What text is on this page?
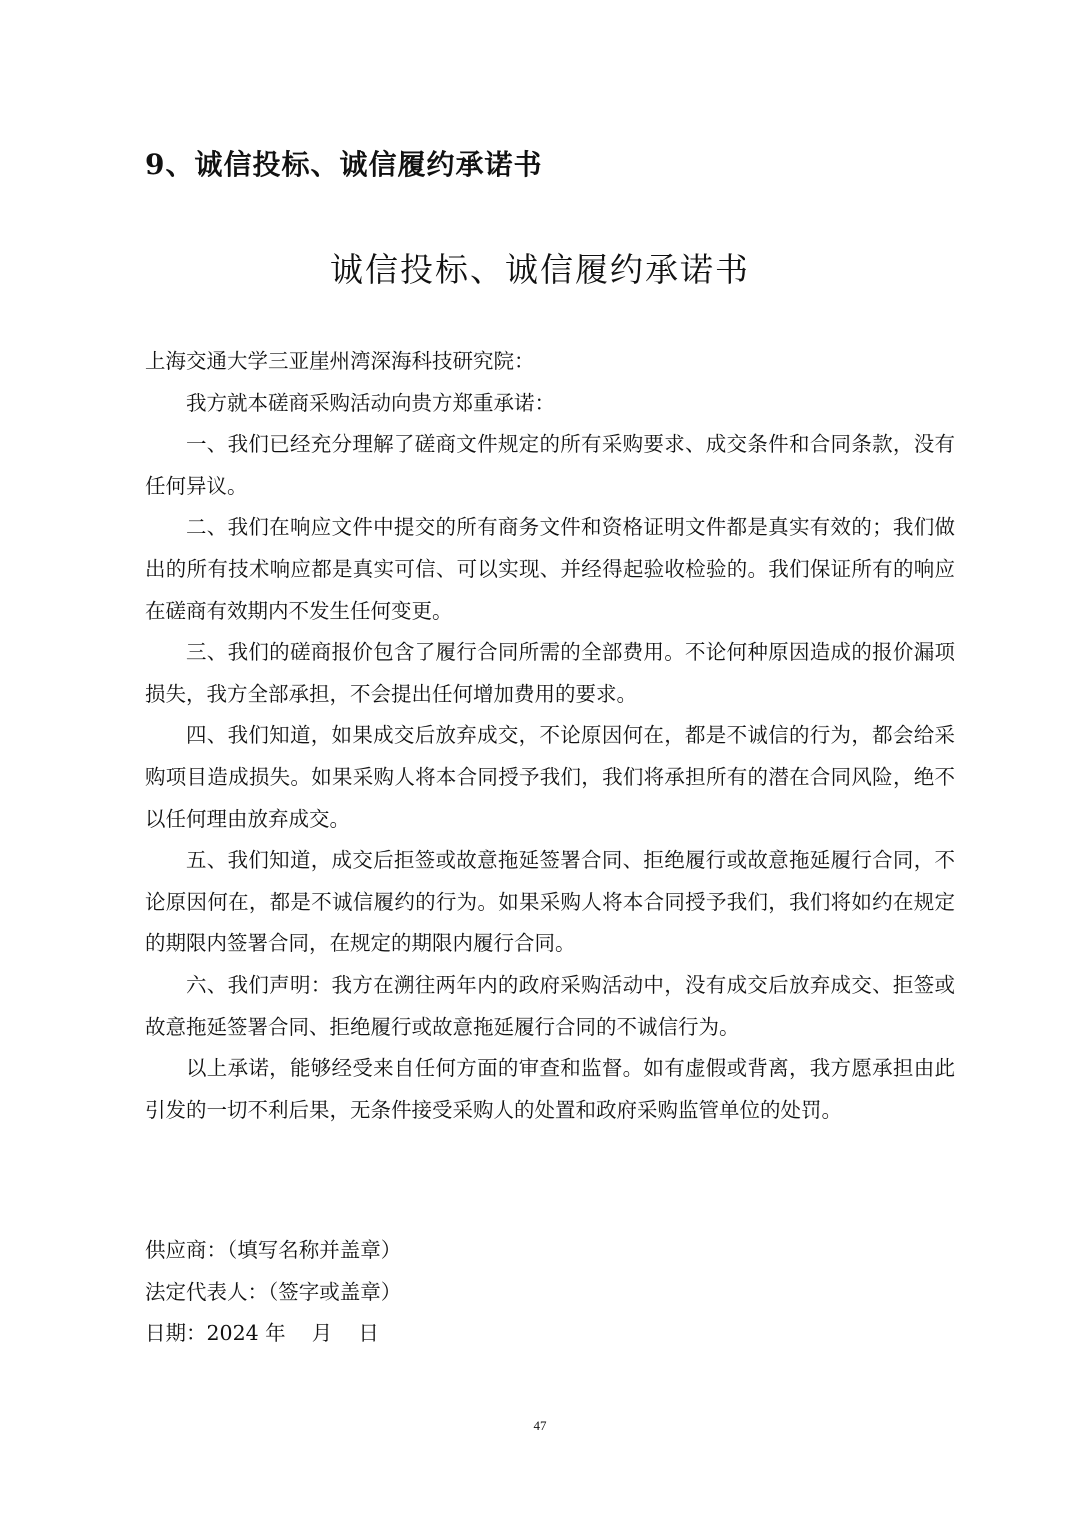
9、诚信投标、诚信履约承诺书
诚信投标、诚信履约承诺书

上海交通大学三亚崖州湾深海科技研究院：

我方就本磋商采购活动向贵方郑重承诺：

一、我们已经充分理解了磋商文件规定的所有采购要求、成交条件和合同条款，没有任何异议。

二、我们在响应文件中提交的所有商务文件和资格证明文件都是真实有效的；我们做出的所有技术响应都是真实可信、可以实现、并经得起验收检验的。我们保证所有的响应在磋商有效期内不发生任何变更。

三、我们的磋商报价包含了履行合同所需的全部费用。不论何种原因造成的报价漏项损失，我方全部承担，不会提出任何增加费用的要求。

四、我们知道，如果成交后放弃成交，不论原因何在，都是不诚信的行为，都会给采购项目造成损失。如果采购人将本合同授予我们，我们将承担所有的潜在合同风险，绝不以任何理由放弃成交。

五、我们知道，成交后拒签或故意拖延签署合同、拒绝履行或故意拖延履行合同，不论原因何在，都是不诚信履约的行为。如果采购人将本合同授予我们，我们将如约在规定的期限内签署合同，在规定的期限内履行合同。

六、我们声明：我方在溯往两年内的政府采购活动中，没有成交后放弃成交、拒签或故意拖延签署合同、拒绝履行或故意拖延履行合同的不诚信行为。

以上承诺，能够经受来自任何方面的审查和监督。如有虚假或背离，我方愿承担由此引发的一切不利后果，无条件接受采购人的处置和政府采购监管单位的处罚。

供应商：（填写名称并盖章）

法定代表人：（签字或盖章）

日期：2024 年    月    日

47
